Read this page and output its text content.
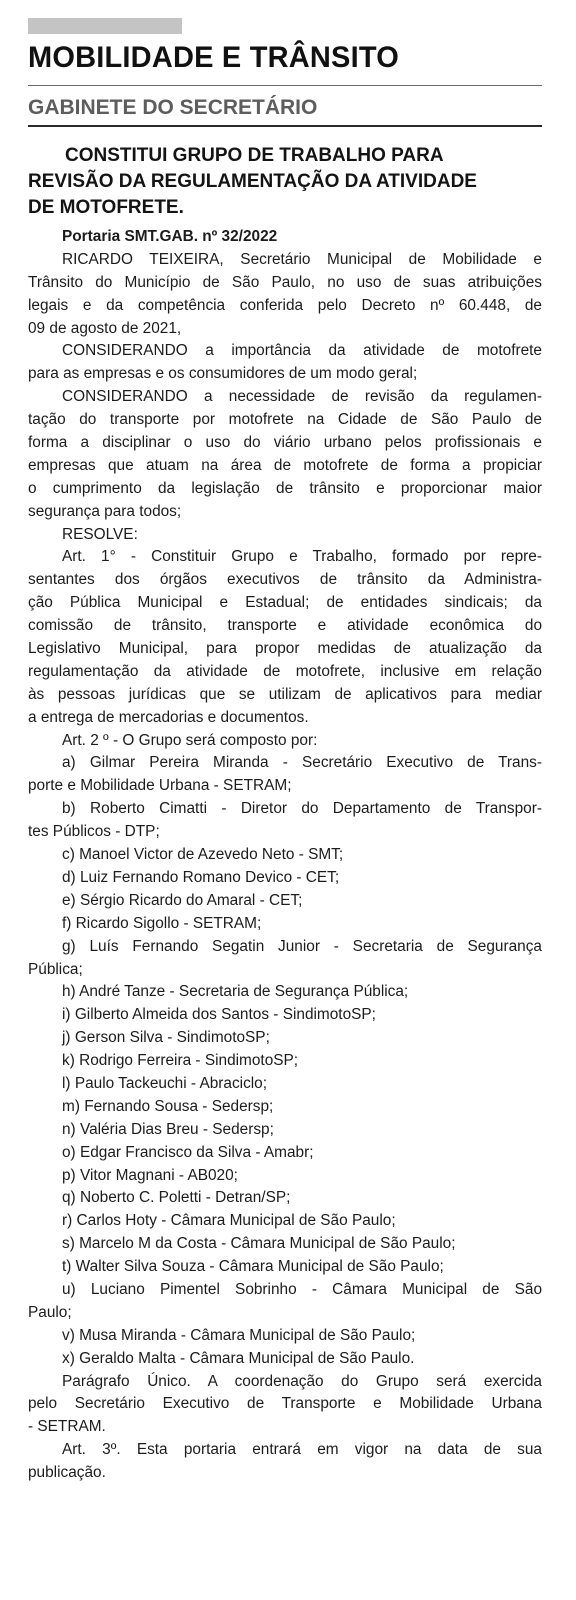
MOBILIDADE E TRÂNSITO
GABINETE DO SECRETÁRIO
CONSTITUI GRUPO DE TRABALHO PARA
REVISÃO DA REGULAMENTAÇÃO DA ATIVIDADE
DE MOTOFRETE.
Portaria SMT.GAB. nº 32/2022
RICARDO TEIXEIRA, Secretário Municipal de Mobilidade e
Trânsito do Município de São Paulo, no uso de suas atribuições
legais e da competência conferida pelo Decreto nº 60.448, de
09 de agosto de 2021,
CONSIDERANDO a importância da atividade de motofrete
para as empresas e os consumidores de um modo geral;
CONSIDERANDO a necessidade de revisão da regulamen-
tação do transporte por motofrete na Cidade de São Paulo de
forma a disciplinar o uso do viário urbano pelos profissionais e
empresas que atuam na área de motofrete de forma a propiciar
o cumprimento da legislação de trânsito e proporcionar maior
segurança para todos;
RESOLVE:
Art. 1° - Constituir Grupo e Trabalho, formado por repre-
sentantes dos órgãos executivos de trânsito da Administra-
ção Pública Municipal e Estadual; de entidades sindicais; da
comissão de trânsito, transporte e atividade econômica do
Legislativo Municipal, para propor medidas de atualização da
regulamentação da atividade de motofrete, inclusive em relação
às pessoas jurídicas que se utilizam de aplicativos para mediar
a entrega de mercadorias e documentos.
Art. 2 º - O Grupo será composto por:
a) Gilmar Pereira Miranda - Secretário Executivo de Trans-
porte e Mobilidade Urbana - SETRAM;
b) Roberto Cimatti - Diretor do Departamento de Transpor-
tes Públicos - DTP;
c) Manoel Victor de Azevedo Neto - SMT;
d) Luiz Fernando Romano Devico - CET;
e) Sérgio Ricardo do Amaral - CET;
f) Ricardo Sigollo - SETRAM;
g) Luís Fernando Segatin Junior - Secretaria de Segurança
Pública;
h) André Tanze - Secretaria de Segurança Pública;
i) Gilberto Almeida dos Santos - SindimotoSP;
j) Gerson Silva - SindimotoSP;
k) Rodrigo Ferreira - SindimotoSP;
l) Paulo Tackeuchi - Abraciclo;
m) Fernando Sousa - Sedersp;
n) Valéria Dias Breu - Sedersp;
o) Edgar Francisco da Silva - Amabr;
p) Vitor Magnani - AB020;
q) Noberto C. Poletti - Detran/SP;
r) Carlos Hoty - Câmara Municipal de São Paulo;
s) Marcelo M da Costa - Câmara Municipal de São Paulo;
t) Walter Silva Souza - Câmara Municipal de São Paulo;
u) Luciano Pimentel Sobrinho - Câmara Municipal de São
Paulo;
v) Musa Miranda - Câmara Municipal de São Paulo;
x) Geraldo Malta - Câmara Municipal de São Paulo.
Parágrafo Único. A coordenação do Grupo será exercida
pelo Secretário Executivo de Transporte e Mobilidade Urbana
- SETRAM.
Art. 3º. Esta portaria entrará em vigor na data de sua
publicação.
